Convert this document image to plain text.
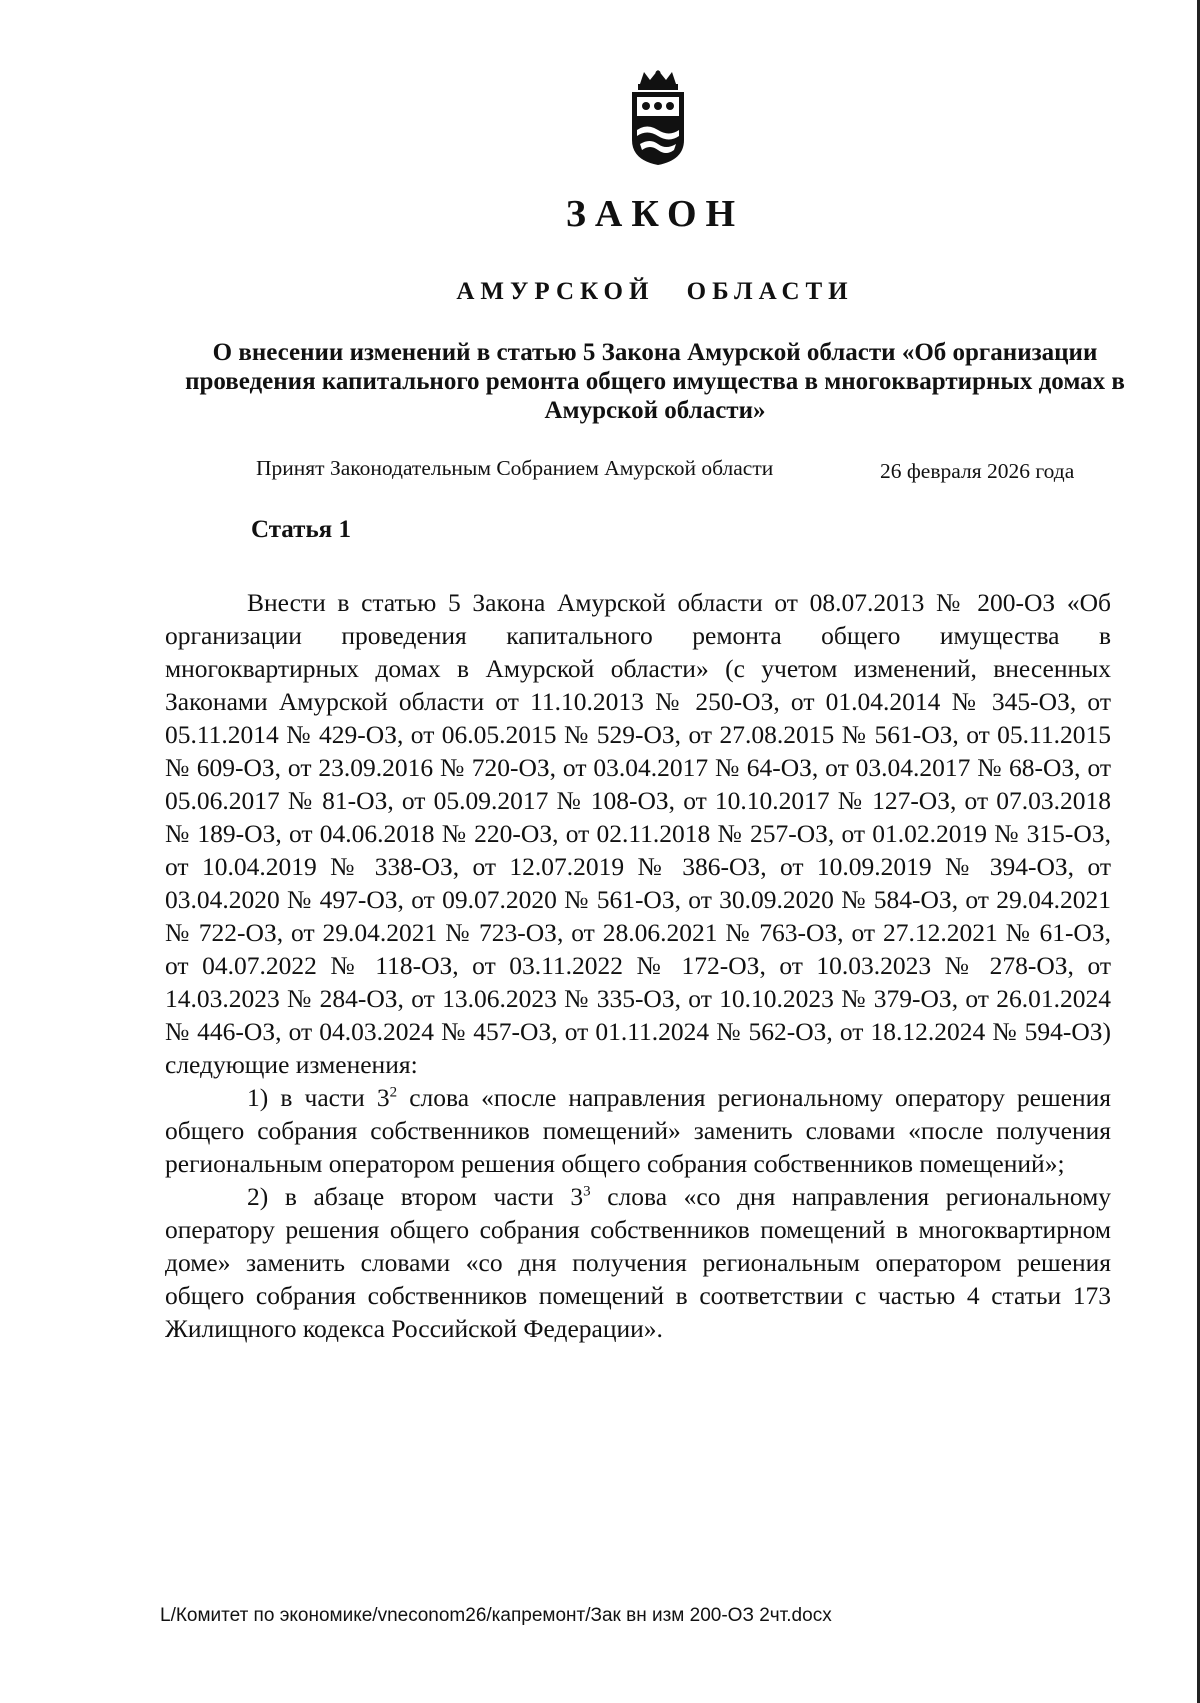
ЗАКОН
АМУРСКОЙ ОБЛАСТИ
О внесении изменений в статью 5 Закона Амурской области «Об организации проведения капитального ремонта общего имущества в многоквартирных домах в Амурской области»
Принят Законодательным Собранием Амурской области	26 февраля 2026 года
Статья 1

Внести в статью 5 Закона Амурской области от 08.07.2013 № 200-ОЗ «Об организации проведения капитального ремонта общего имущества в многоквартирных домах в Амурской области» (с учетом изменений, внесенных Законами Амурской области от 11.10.2013 № 250-ОЗ, от 01.04.2014 № 345-ОЗ, от 05.11.2014 № 429-ОЗ, от 06.05.2015 № 529-ОЗ, от 27.08.2015 № 561-ОЗ, от 05.11.2015 № 609-ОЗ, от 23.09.2016 № 720-ОЗ, от 03.04.2017 № 64-ОЗ, от 03.04.2017 № 68-ОЗ, от 05.06.2017 № 81-ОЗ, от 05.09.2017 № 108-ОЗ, от 10.10.2017 № 127-ОЗ, от 07.03.2018 № 189-ОЗ, от 04.06.2018 № 220-ОЗ, от 02.11.2018 № 257-ОЗ, от 01.02.2019 № 315-ОЗ, от 10.04.2019 № 338-ОЗ, от 12.07.2019 № 386-ОЗ, от 10.09.2019 № 394-ОЗ, от 03.04.2020 № 497-ОЗ, от 09.07.2020 № 561-ОЗ, от 30.09.2020 № 584-ОЗ, от 29.04.2021 № 722-ОЗ, от 29.04.2021 № 723-ОЗ, от 28.06.2021 № 763-ОЗ, от 27.12.2021 № 61-ОЗ, от 04.07.2022 № 118-ОЗ, от 03.11.2022 № 172-ОЗ, от 10.03.2023 № 278-ОЗ, от 14.03.2023 № 284-ОЗ, от 13.06.2023 № 335-ОЗ, от 10.10.2023 № 379-ОЗ, от 26.01.2024 № 446-ОЗ, от 04.03.2024 № 457-ОЗ, от 01.11.2024 № 562-ОЗ, от 18.12.2024 № 594-ОЗ) следующие изменения:

1) в части $3^2$ слова «после направления региональному оператору решения общего собрания собственников помещений» заменить словами «после получения региональным оператором решения общего собрания собственников помещений»;

2) в абзаце втором части $3^3$ слова «со дня направления региональному оператору решения общего собрания собственников помещений в многоквартирном доме» заменить словами «со дня получения региональным оператором решения общего собрания собственников помещений в соответствии с частью 4 статьи 173 Жилищного кодекса Российской Федерации».

L/Комитет по экономике/vnеconom26/капремонт/Зак вн изм 200-ОЗ 2чт.docx
